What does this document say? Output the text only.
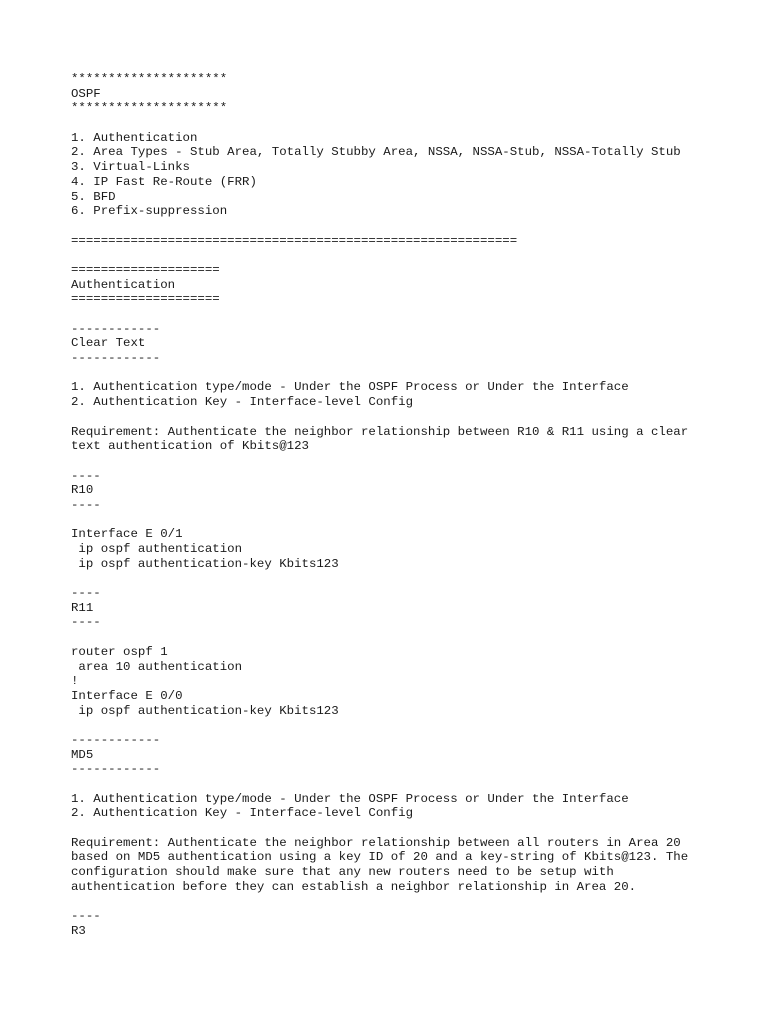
*********************
OSPF
*********************
1. Authentication
2. Area Types - Stub Area, Totally Stubby Area, NSSA, NSSA-Stub, NSSA-Totally Stub
3. Virtual-Links
4. IP Fast Re-Route (FRR)
5. BFD
6. Prefix-suppression
============================================================
====================
Authentication
====================
------------
Clear Text
------------
1. Authentication type/mode - Under the OSPF Process or Under the Interface
2. Authentication Key - Interface-level Config
Requirement: Authenticate the neighbor relationship between R10 & R11 using a clear
text authentication of Kbits@123
----
R10
----
Interface E 0/1
ip ospf authentication
ip ospf authentication-key Kbits123
----
R11
----
router ospf 1
area 10 authentication
!
Interface E 0/0
ip ospf authentication-key Kbits123
------------
MD5
------------
1. Authentication type/mode - Under the OSPF Process or Under the Interface
2. Authentication Key - Interface-level Config
Requirement: Authenticate the neighbor relationship between all routers in Area 20
based on MD5 authentication using a key ID of 20 and a key-string of Kbits@123. The
configuration should make sure that any new routers need to be setup with
authentication before they can establish a neighbor relationship in Area 20.
----
R3
